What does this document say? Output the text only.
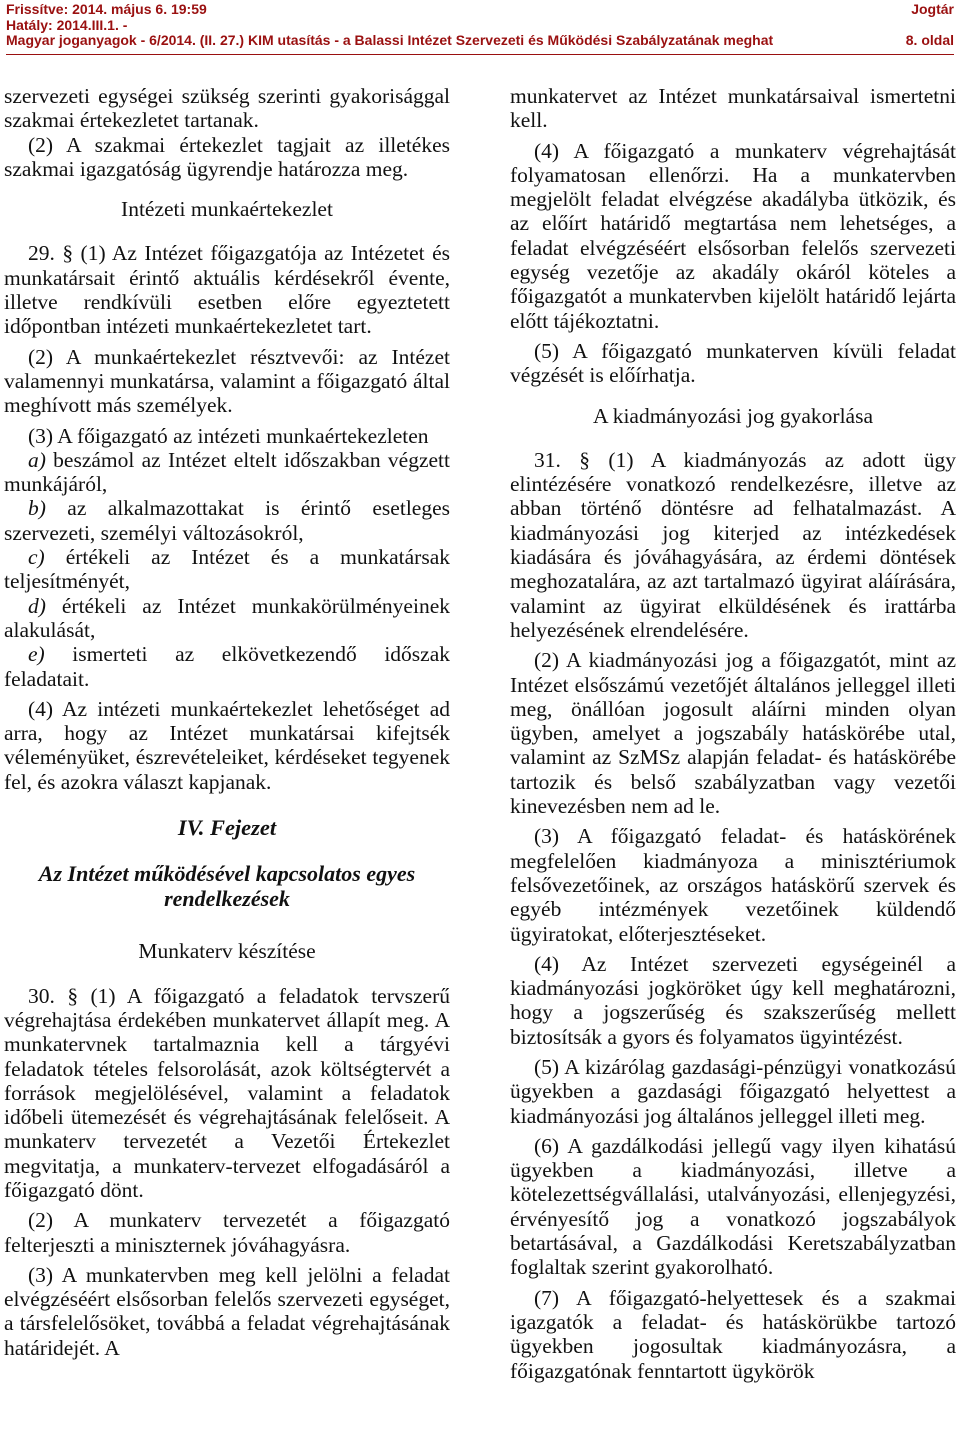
Frissítve: 2014. május 6. 19:59	Jogtár
Hatály: 2014.III.1. -
Magyar joganyagok - 6/2014. (II. 27.) KIM utasítás - a Balassi Intézet Szervezeti és Működési Szabályzatának meghat	8. oldal

szervezeti egységei szükség szerinti gyakorisággal szakmai értekezletet tartanak.

(2) A szakmai értekezlet tagjait az illetékes szakmai igazgatóság ügyrendje határozza meg.

Intézeti munkaértekezlet

29. § (1) Az Intézet főigazgatója az Intézetet és munkatársait érintő aktuális kérdésekről évente, illetve rendkívüli esetben előre egyeztetett időpontban intézeti munkaértekezletet tart.

(2) A munkaértekezlet résztvevői: az Intézet valamennyi munkatársa, valamint a főigazgató által meghívott más személyek.

(3) A főigazgató az intézeti munkaértekezleten

a) beszámol az Intézet eltelt időszakban végzett munkájáról,

b) az alkalmazottakat is érintő esetleges szervezeti, személyi változásokról,

c) értékeli az Intézet és a munkatársak teljesítményét,

d) értékeli az Intézet munkakörülményeinek alakulását,

e) ismerteti az elkövetkezendő időszak feladatait.

(4) Az intézeti munkaértekezlet lehetőséget ad arra, hogy az Intézet munkatársai kifejtsék véleményüket, észrevételeiket, kérdéseket tegyenek fel, és azokra választ kapjanak.

IV. Fejezet
Az Intézet működésével kapcsolatos egyes rendelkezések
Munkaterv készítése

30. § (1) A főigazgató a feladatok tervszerű végrehajtása érdekében munkatervet állapít meg. A munkatervnek tartalmaznia kell a tárgyévi feladatok tételes felsorolását, azok költségtervét a források megjelölésével, valamint a feladatok időbeli ütemezését és végrehajtásának felelőseit. A munkaterv tervezetét a Vezetői Értekezlet megvitatja, a munkaterv-tervezet elfogadásáról a főigazgató dönt.

(2) A munkaterv tervezetét a főigazgató felterjeszti a miniszternek jóváhagyásra.

(3) A munkatervben meg kell jelölni a feladat elvégzéséért elsősorban felelős szervezeti egységet, a társfelelősöket, továbbá a feladat végrehajtásának határidejét. A

munkatervet az Intézet munkatársaival ismertetni kell.

(4) A főigazgató a munkaterv végrehajtását folyamatosan ellenőrzi. Ha a munkatervben megjelölt feladat elvégzése akadályba ütközik, és az előírt határidő megtartása nem lehetséges, a feladat elvégzéséért elsősorban felelős szervezeti egység vezetője az akadály okáról köteles a főigazgatót a munkatervben kijelölt határidő lejárta előtt tájékoztatni.

(5) A főigazgató munkaterven kívüli feladat végzését is előírhatja.

A kiadmányozási jog gyakorlása

31. § (1) A kiadmányozás az adott ügy elintézésére vonatkozó rendelkezésre, illetve az abban történő döntésre ad felhatalmazást. A kiadmányozási jog kiterjed az intézkedések kiadására és jóváhagyására, az érdemi döntések meghozatalára, az azt tartalmazó ügyirat aláírására, valamint az ügyirat elküldésének és irattárba helyezésének elrendelésére.

(2) A kiadmányozási jog a főigazgatót, mint az Intézet elsőszámú vezetőjét általános jelleggel illeti meg, önállóan jogosult aláírni minden olyan ügyben, amelyet a jogszabály hatáskörébe utal, valamint az SzMSz alapján feladat- és hatáskörébe tartozik és belső szabályzatban vagy vezetői kinevezésben nem ad le.

(3) A főigazgató feladat- és hatáskörének megfelelően kiadmányoza a minisztériumok felsővezetőinek, az országos hatáskörű szervek és egyéb intézmények vezetőinek küldendő ügyiratokat, előterjesztéseket.

(4) Az Intézet szervezeti egységeinél a kiadmányozási jogköröket úgy kell meghatározni, hogy a jogszerűség és szakszerűség mellett biztosítsák a gyors és folyamatos ügyintézést.

(5) A kizárólag gazdasági-pénzügyi vonatkozású ügyekben a gazdasági főigazgató helyettest a kiadmányozási jog általános jelleggel illeti meg.

(6) A gazdálkodási jellegű vagy ilyen kihatású ügyekben a kiadmányozási, illetve a kötelezettségvállalási, utalványozási, ellenjegyzési, érvényesítő jog a vonatkozó jogszabályok betartásával, a Gazdálkodási Keretszabályzatban foglaltak szerint gyakorolható.

(7) A főigazgató-helyettesek és a szakmai igazgatók a feladat- és hatáskörükbe tartozó ügyekben jogosultak kiadmányozásra, a főigazgatónak fenntartott ügykörök
